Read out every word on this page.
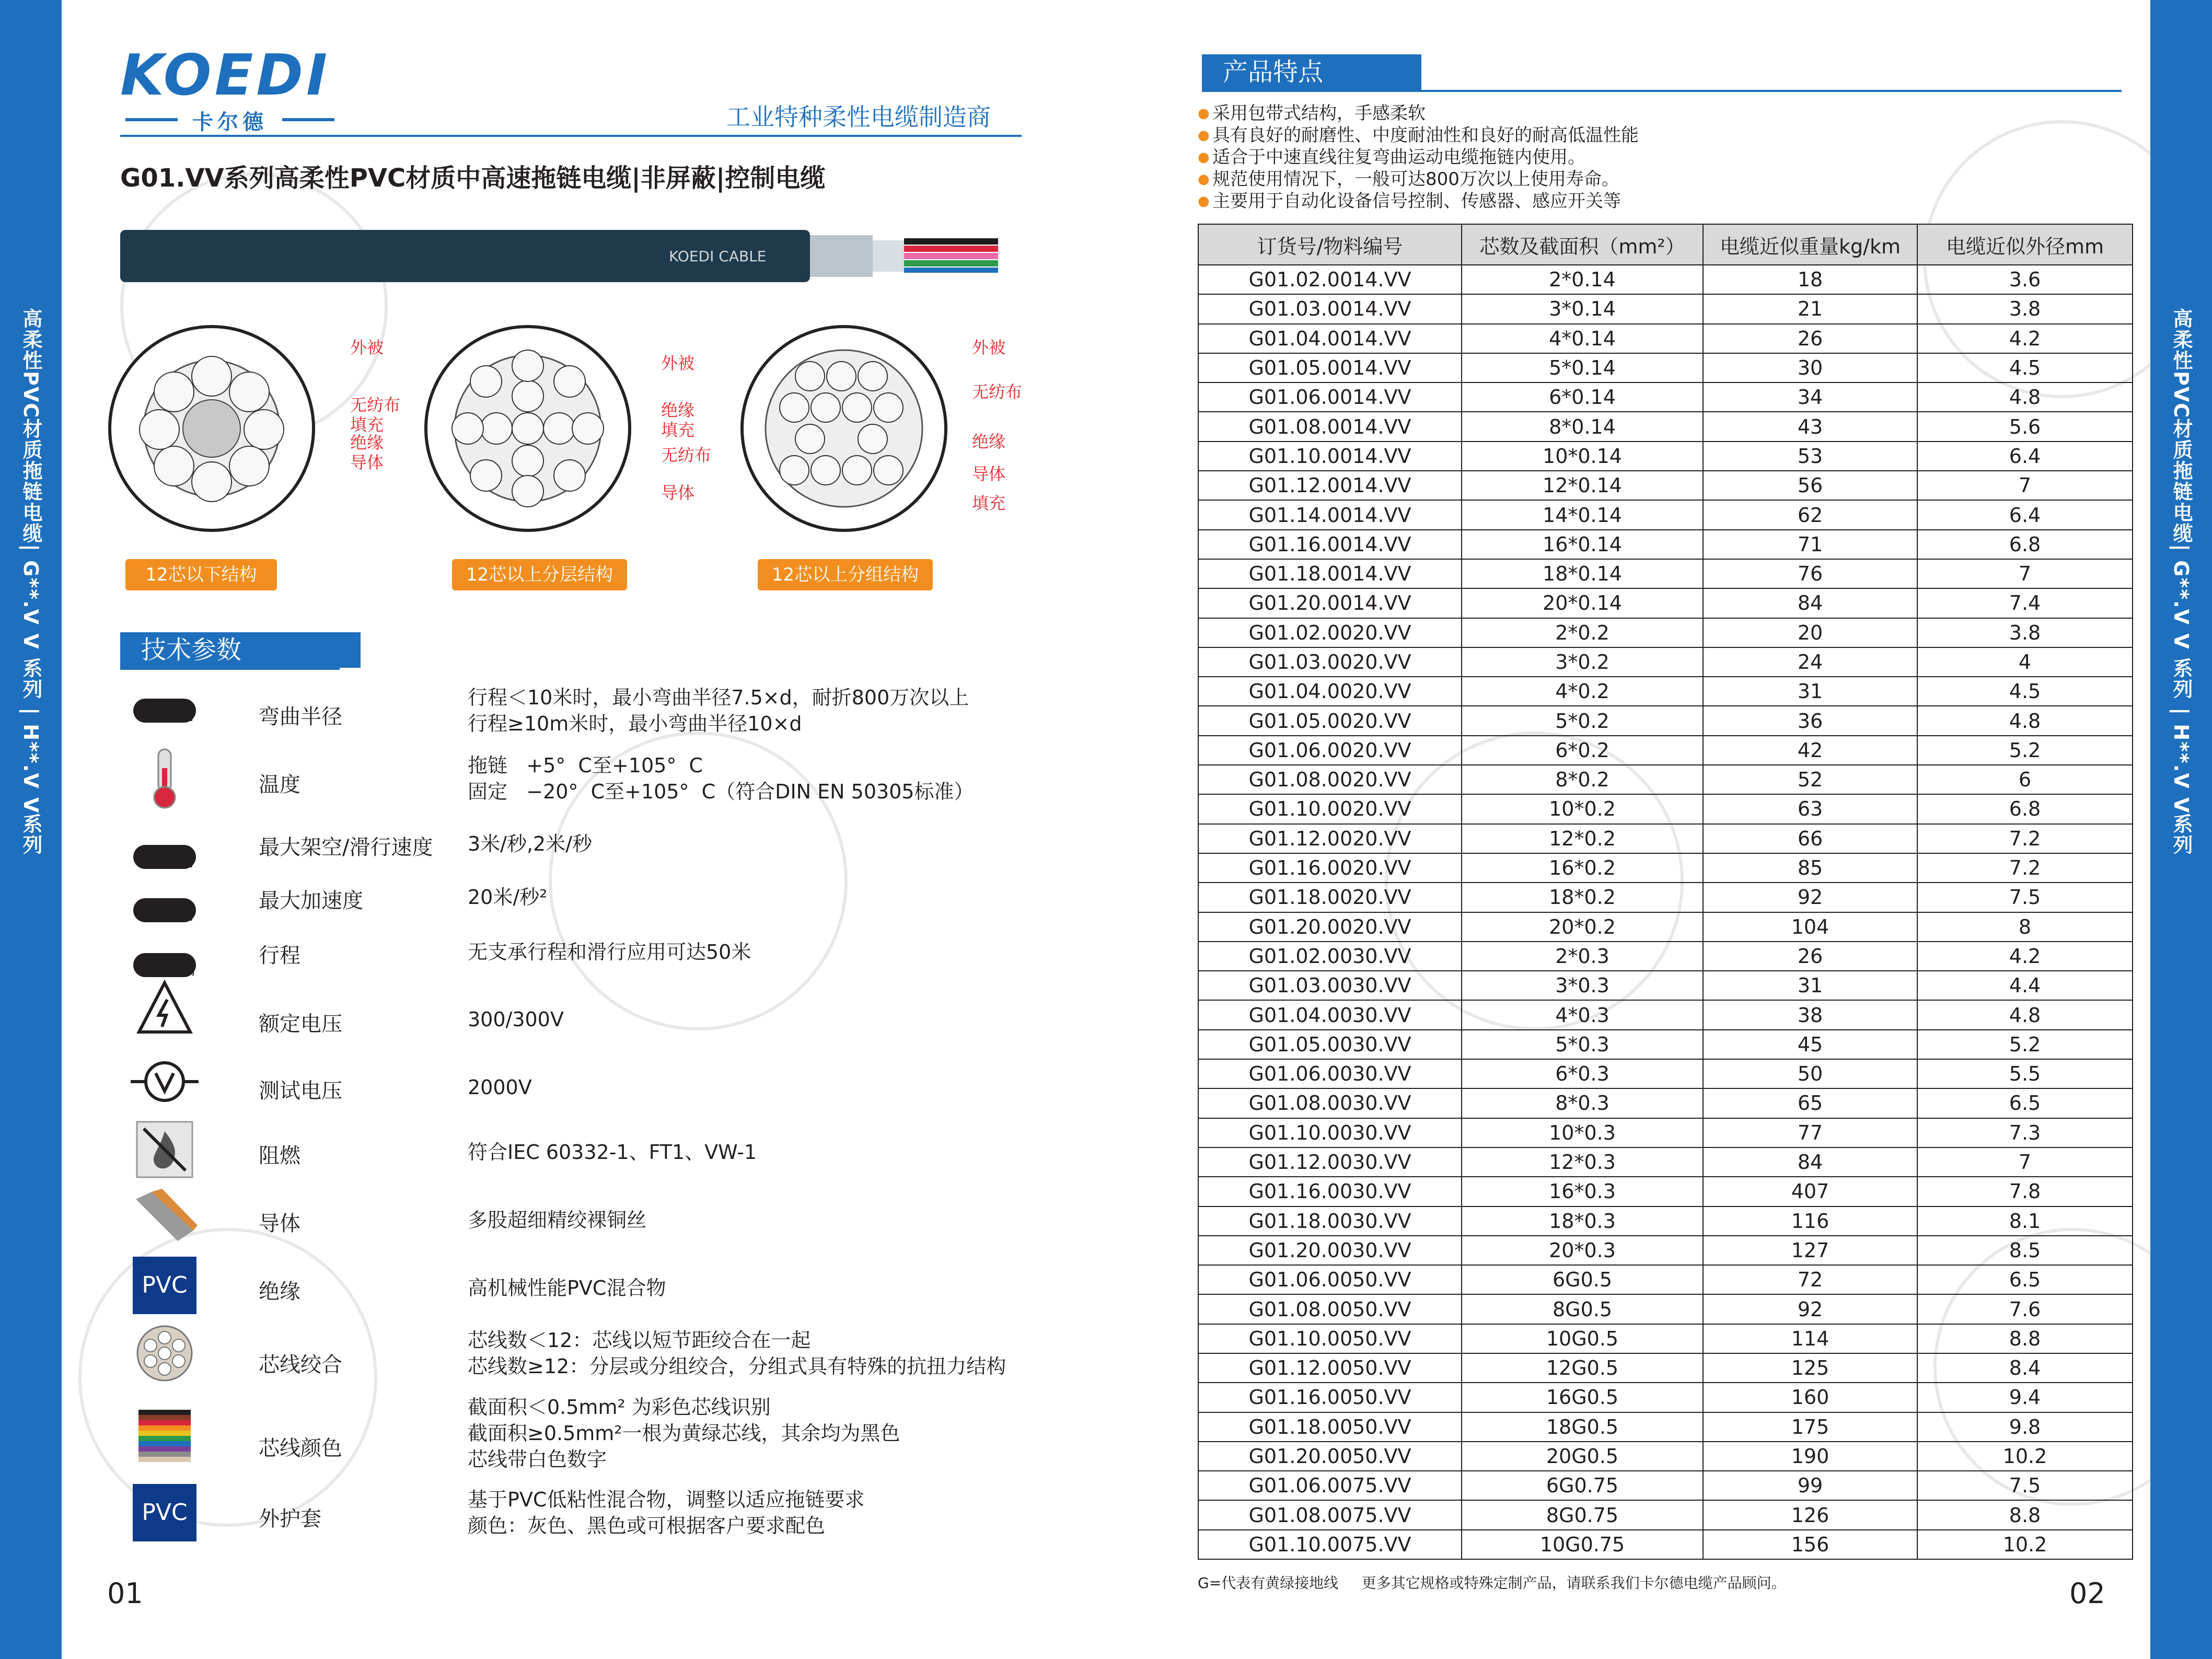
高柔性PVC材质拖链电缆| G**.V V 系列 | H**.V V系列	高柔性PVC材质拖链电缆| G**.V V 系列 | H**.V V系列
KOEDI
卡尔德	工业特种柔性电缆制造商
G01.VV系列高柔性PVC材质中高速拖链电缆|非屏蔽|控制电缆
KOEDI CABLE
外被
无纺布
填充
绝缘
导体
12芯以下结构
外被
绝缘
填充
无纺布
导体
12芯以上分层结构
外被
无纺布
绝缘
导体
填充
12芯以上分组结构
技术参数
[R]	弯曲半径
行程＜10米时，最小弯曲半径7.5×d，耐折800万次以上
行程≥10m米时，最小弯曲半径10×d
温度
拖链   +5°  C至+105°  C
固定   −20°  C至+105°  C（符合DIN EN 50305标准）
[V]
最大架空/滑行速度 3米/秒,2米/秒
[A]
最大加速度	20米/秒²
[M]
行程	无支承行程和滑行应用可达50米
额定电压	300/300V
测试电压	2000V
阻燃	符合IEC 60332-1、FT1、VW-1
导体	多股超细精绞裸铜丝
PVC	绝缘	高机械性能PVC混合物
芯线绞合
芯线数＜12：芯线以短节距绞合在一起
芯线数≥12：分层或分组绞合，分组式具有特殊的抗扭力结构
芯线颜色
截面积＜0.5mm² 为彩色芯线识别
截面积≥0.5mm²一根为黄绿芯线，其余均为黑色
芯线带白色数字
PVC	外护套
基于PVC低粘性混合物，调整以适应拖链要求
颜色：灰色、黑色或可根据客户要求配色
01
产品特点
● 采用包带式结构，手感柔软
● 具有良好的耐磨性、中度耐油性和良好的耐高低温性能
● 适合于中速直线往复弯曲运动电缆拖链内使用。
● 规范使用情况下，一般可达800万次以上使用寿命。
● 主要用于自动化设备信号控制、传感器、感应开关等
订货号/物料编号	芯数及截面积（mm²）	电缆近似重量kg/km	电缆近似外径mm
G01.02.0014.VV	2*0.14	18	3.6
G01.03.0014.VV	3*0.14	21	3.8
G01.04.0014.VV	4*0.14	26	4.2
G01.05.0014.VV	5*0.14	30	4.5
G01.06.0014.VV	6*0.14	34	4.8
G01.08.0014.VV	8*0.14	43	5.6
G01.10.0014.VV	10*0.14	53	6.4
G01.12.0014.VV	12*0.14	56	7
G01.14.0014.VV	14*0.14	62	6.4
G01.16.0014.VV	16*0.14	71	6.8
G01.18.0014.VV	18*0.14	76	7
G01.20.0014.VV	20*0.14	84	7.4
G01.02.0020.VV	2*0.2	20	3.8
G01.03.0020.VV	3*0.2	24	4
G01.04.0020.VV	4*0.2	31	4.5
G01.05.0020.VV	5*0.2	36	4.8
G01.06.0020.VV	6*0.2	42	5.2
G01.08.0020.VV	8*0.2	52	6
G01.10.0020.VV	10*0.2	63	6.8
G01.12.0020.VV	12*0.2	66	7.2
G01.16.0020.VV	16*0.2	85	7.2
G01.18.0020.VV	18*0.2	92	7.5
G01.20.0020.VV	20*0.2	104	8
G01.02.0030.VV	2*0.3	26	4.2
G01.03.0030.VV	3*0.3	31	4.4
G01.04.0030.VV	4*0.3	38	4.8
G01.05.0030.VV	5*0.3	45	5.2
G01.06.0030.VV	6*0.3	50	5.5
G01.08.0030.VV	8*0.3	65	6.5
G01.10.0030.VV	10*0.3	77	7.3
G01.12.0030.VV	12*0.3	84	7
G01.16.0030.VV	16*0.3	407	7.8
G01.18.0030.VV	18*0.3	116	8.1
G01.20.0030.VV	20*0.3	127	8.5
G01.06.0050.VV	6G0.5	72	6.5
G01.08.0050.VV	8G0.5	92	7.6
G01.10.0050.VV	10G0.5	114	8.8
G01.12.0050.VV	12G0.5	125	8.4
G01.16.0050.VV	16G0.5	160	9.4
G01.18.0050.VV	18G0.5	175	9.8
G01.20.0050.VV	20G0.5	190	10.2
G01.06.0075.VV	6G0.75	99	7.5
G01.08.0075.VV	8G0.75	126	8.8
G01.10.0075.VV	10G0.75	156	10.2
G=代表有黄绿接地线     更多其它规格或特殊定制产品，请联系我们卡尔德电缆产品顾问。	02
